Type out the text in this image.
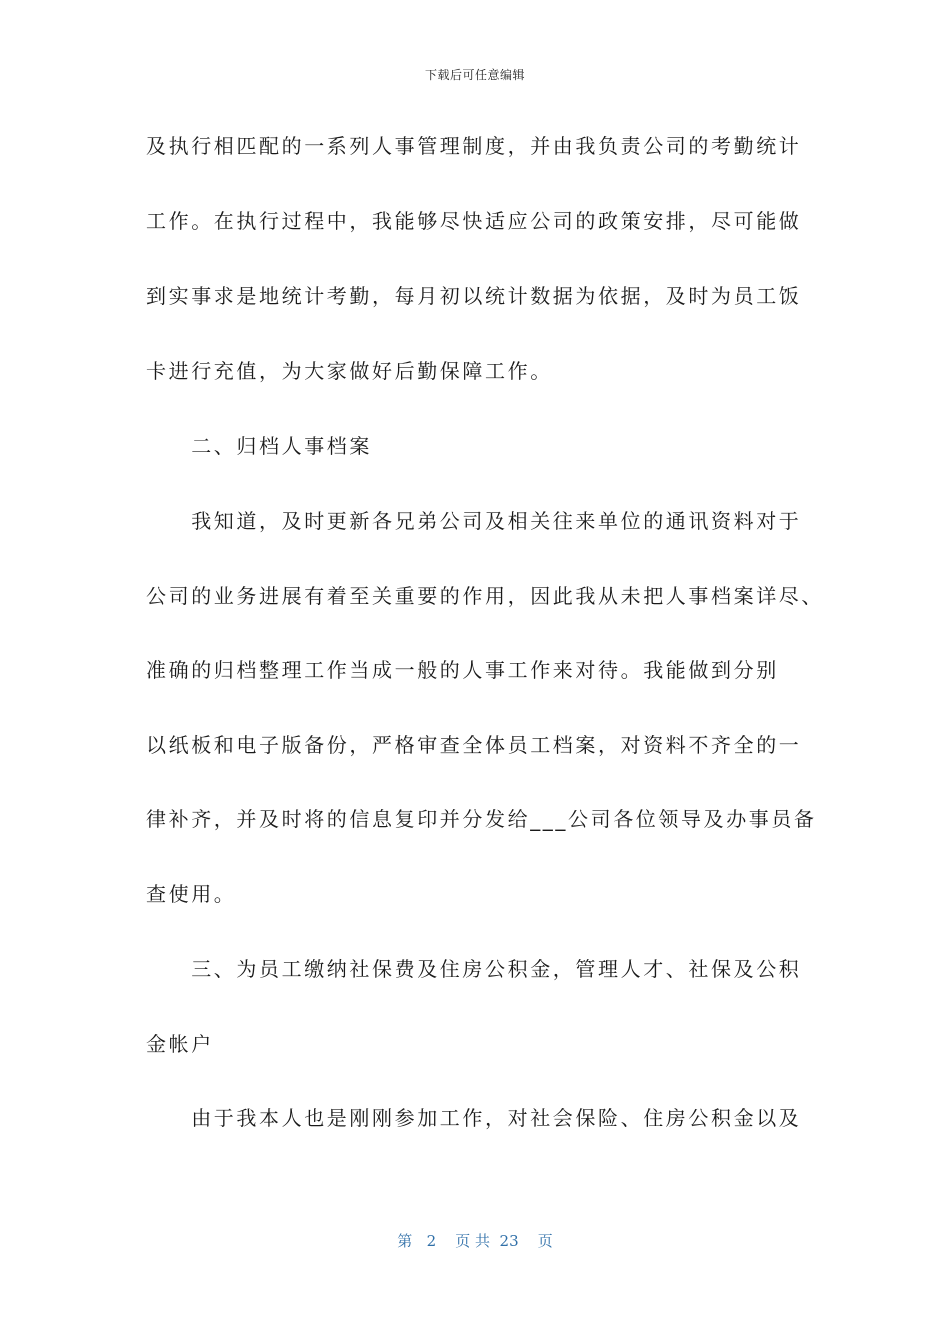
下载后可任意编辑
及执行相匹配的一系列人事管理制度，并由我负责公司的考勤统计
工作。在执行过程中，我能够尽快适应公司的政策安排，尽可能做
到实事求是地统计考勤，每月初以统计数据为依据，及时为员工饭
卡进行充值，为大家做好后勤保障工作。
　　二、归档人事档案
　　我知道，及时更新各兄弟公司及相关往来单位的通讯资料对于
公司的业务进展有着至关重要的作用，因此我从未把人事档案详尽、
准确的归档整理工作当成一般的人事工作来对待。我能做到分别
以纸板和电子版备份，严格审查全体员工档案，对资料不齐全的一
律补齐，并及时将的信息复印并分发给___公司各位领导及办事员备
查使用。
　　三、为员工缴纳社保费及住房公积金，管理人才、社保及公积
金帐户
　　由于我本人也是刚刚参加工作，对社会保险、住房公积金以及
第 2 页 共 23 页
